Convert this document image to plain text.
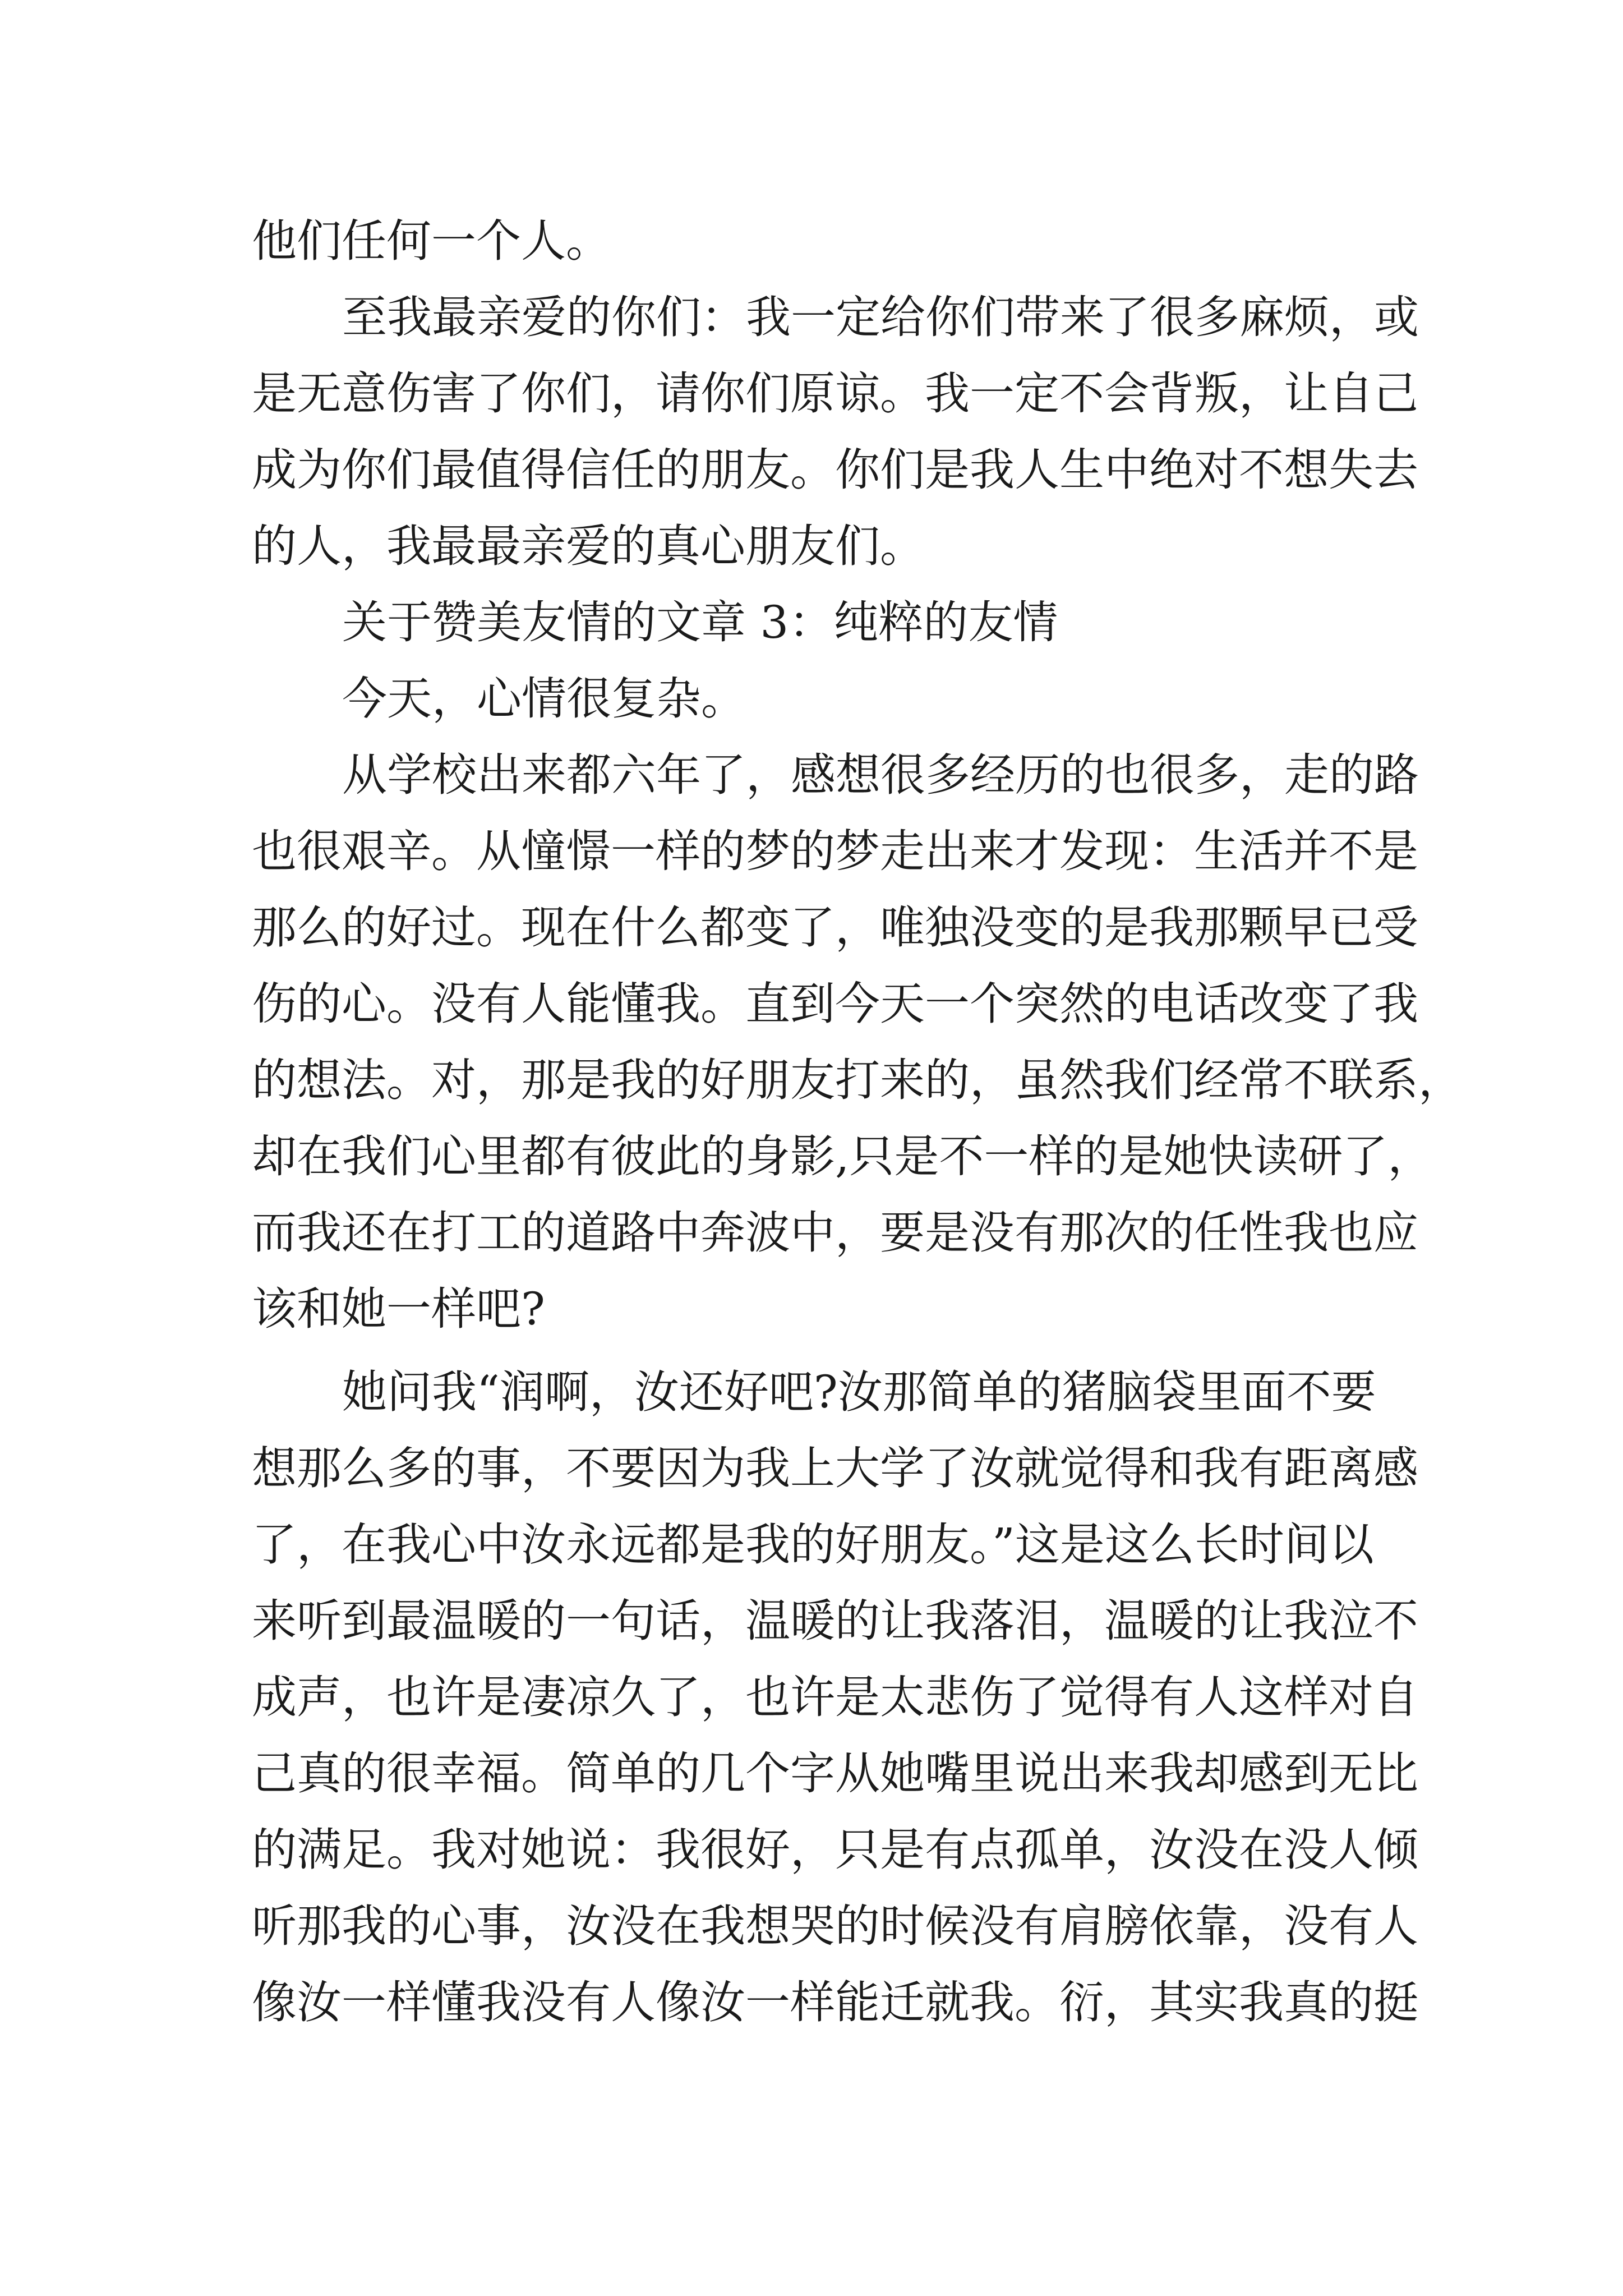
他们任何一个人。
至我最亲爱的你们：我一定给你们带来了很多麻烦，或
是无意伤害了你们，请你们原谅。我一定不会背叛，让自己
成为你们最值得信任的朋友。你们是我人生中绝对不想失去
的人，我最最亲爱的真心朋友们。
关于赞美友情的文章 3：纯粹的友情
今天，心情很复杂。
从学校出来都六年了，感想很多经历的也很多，走的路
也很艰辛。从憧憬一样的梦的梦走出来才发现：生活并不是
那么的好过。现在什么都变了，唯独没变的是我那颗早已受
伤的心。没有人能懂我。直到今天一个突然的电话改变了我
的想法。对，那是我的好朋友打来的，虽然我们经常不联系，
却在我们心里都有彼此的身影,只是不一样的是她快读研了，
而我还在打工的道路中奔波中，要是没有那次的任性我也应
该和她一样吧?
她问我“润啊，汝还好吧?汝那简单的猪脑袋里面不要
想那么多的事，不要因为我上大学了汝就觉得和我有距离感
了，在我心中汝永远都是我的好朋友。”这是这么长时间以
来听到最温暖的一句话，温暖的让我落泪，温暖的让我泣不
成声，也许是凄凉久了，也许是太悲伤了觉得有人这样对自
己真的很幸福。简单的几个字从她嘴里说出来我却感到无比
的满足。我对她说：我很好，只是有点孤单，汝没在没人倾
听那我的心事，汝没在我想哭的时候没有肩膀依靠，没有人
像汝一样懂我没有人像汝一样能迁就我。衍，其实我真的挺
